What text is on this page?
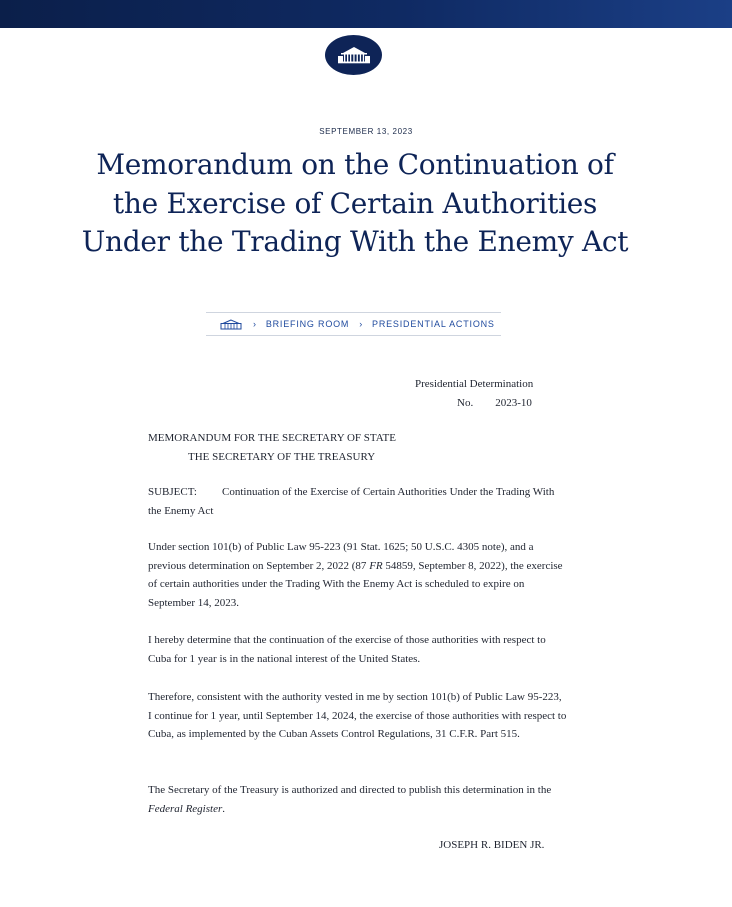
SEPTEMBER 13, 2023
Memorandum on the Continuation of the Exercise of Certain Authorities Under the Trading With the Enemy Act
› BRIEFING ROOM › PRESIDENTIAL ACTIONS
Presidential Determination
No. 2023-10
MEMORANDUM FOR THE SECRETARY OF STATE
THE SECRETARY OF THE TREASURY
SUBJECT: Continuation of the Exercise of Certain Authorities Under the Trading With the Enemy Act

Under section 101(b) of Public Law 95-223 (91 Stat. 1625; 50 U.S.C. 4305 note), and a previous determination on September 2, 2022 (87 FR 54859, September 8, 2022), the exercise of certain authorities under the Trading With the Enemy Act is scheduled to expire on September 14, 2023.

I hereby determine that the continuation of the exercise of those authorities with respect to Cuba for 1 year is in the national interest of the United States.

Therefore, consistent with the authority vested in me by section 101(b) of Public Law 95-223, I continue for 1 year, until September 14, 2024, the exercise of those authorities with respect to Cuba, as implemented by the Cuban Assets Control Regulations, 31 C.F.R. Part 515.

The Secretary of the Treasury is authorized and directed to publish this determination in the Federal Register.

JOSEPH R. BIDEN JR.
